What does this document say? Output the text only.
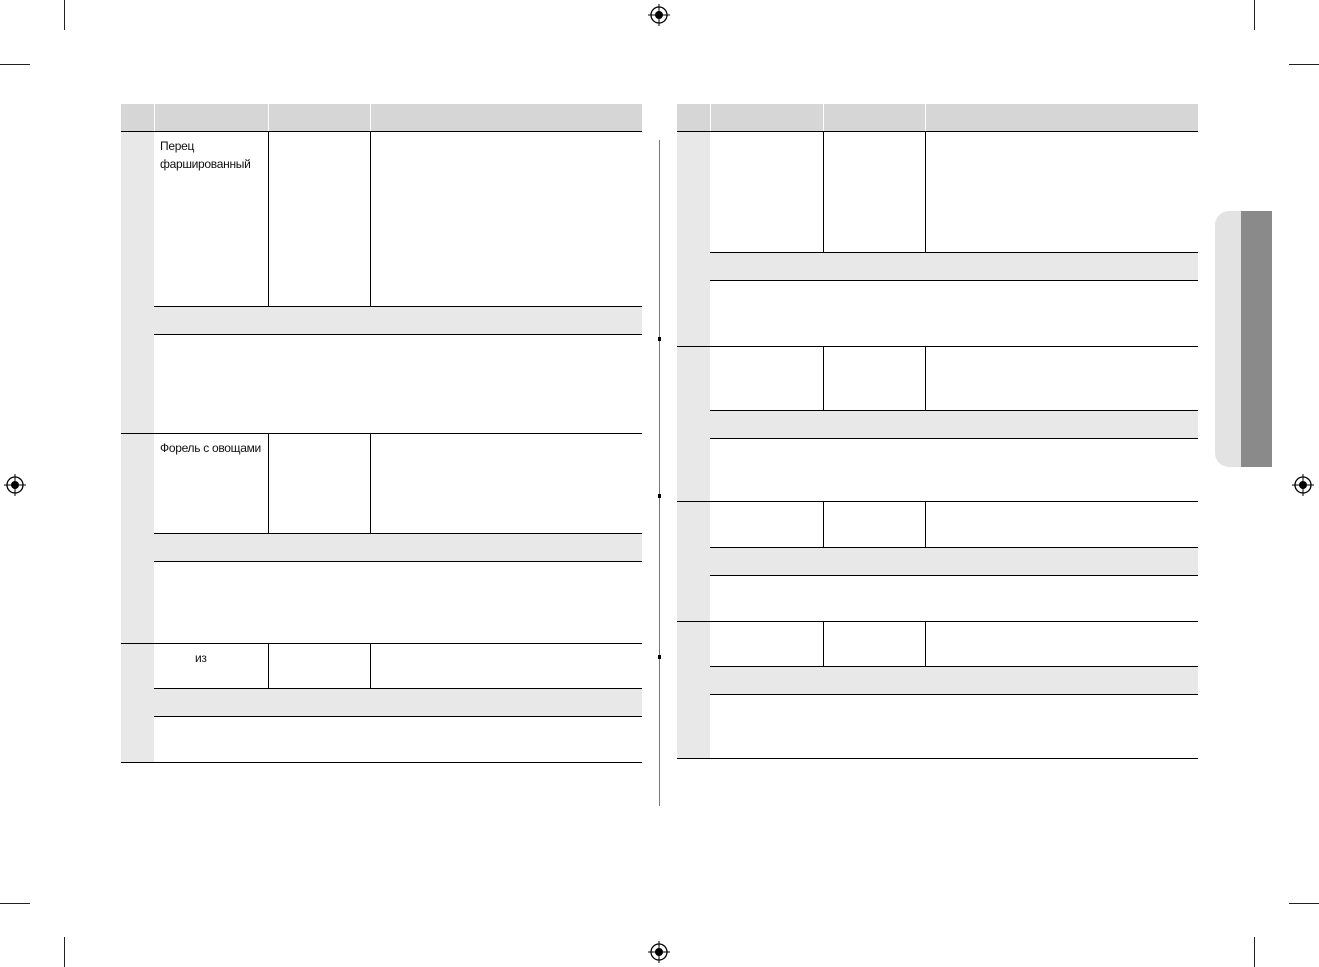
Перец фаршированный
Форель с овощами
из
